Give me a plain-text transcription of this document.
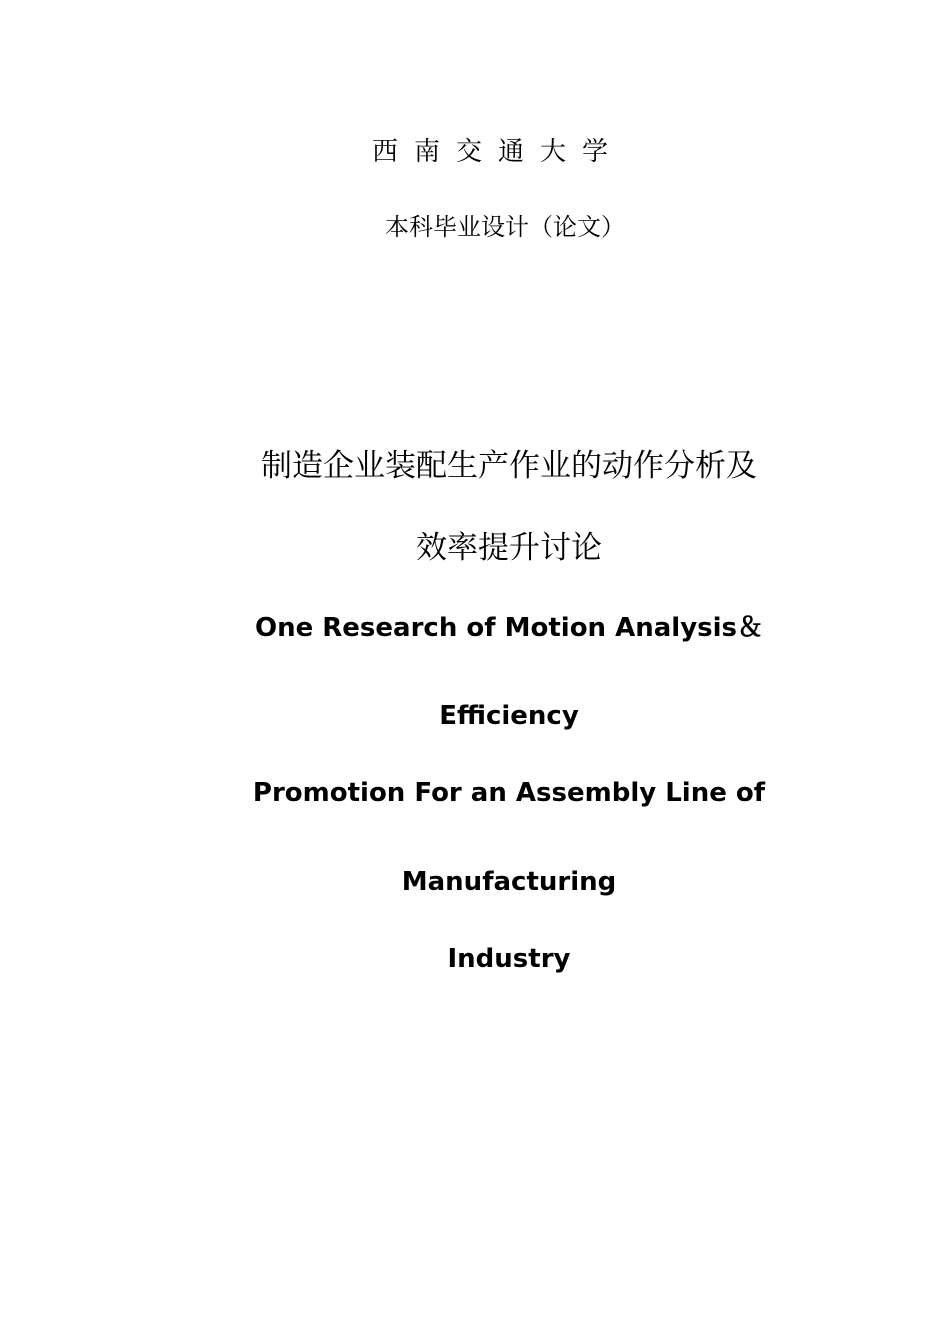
西南交通大学
本科毕业设计（论文）
制造企业装配生产作业的动作分析及
效率提升讨论
One Research of Motion Analysis＆
Efficiency
Promotion For an Assembly Line of
Manufacturing
Industry
